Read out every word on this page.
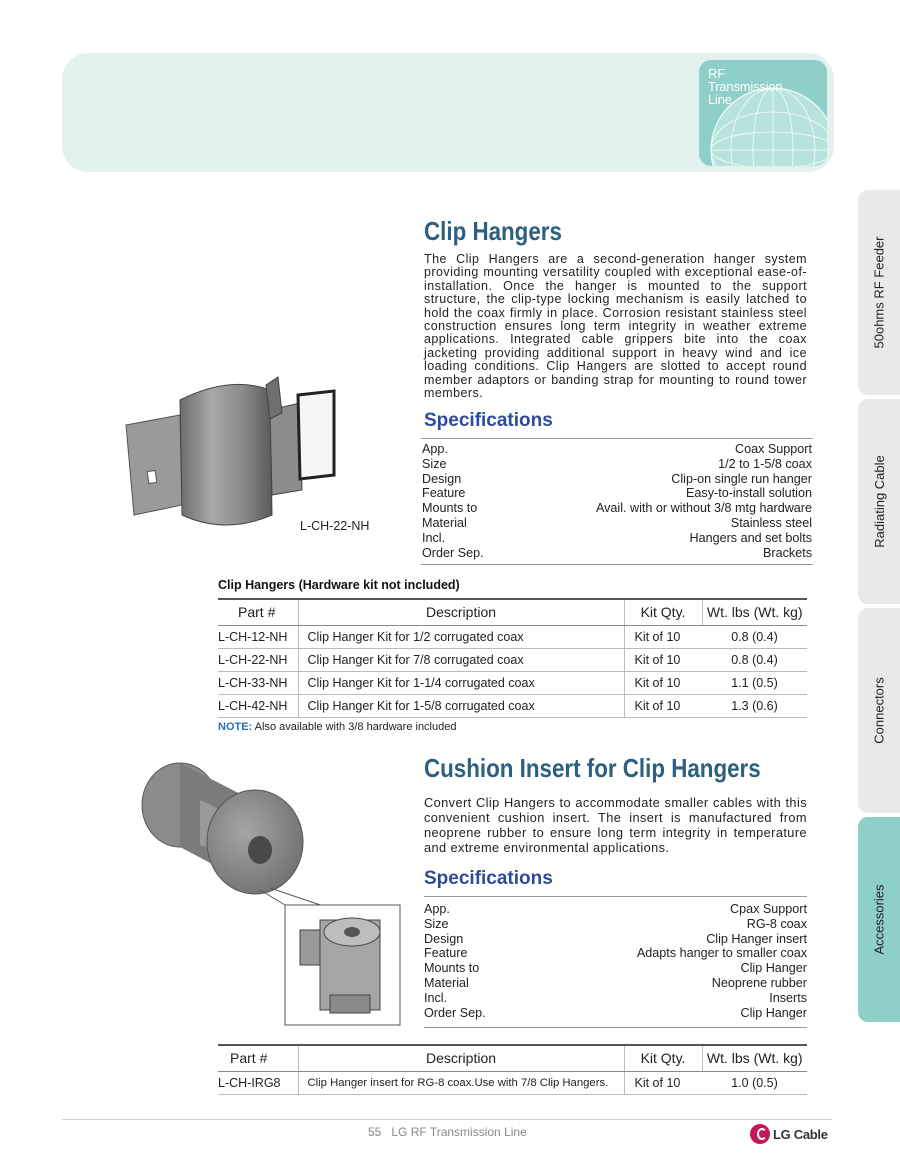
RF
Transmission
Line
50ohms RF Feeder
Radiating Cable
Connectors
Accessories
L-CH-22-NH
Clip Hangers
The Clip Hangers are a second-generation hanger system providing mounting versatility coupled with exceptional ease-of-installation. Once the hanger is mounted to the support structure, the clip-type locking mechanism is easily latched to hold the coax firmly in place. Corrosion resistant stainless steel construction ensures long term integrity in weather extreme applications. Integrated cable grippers bite into the coax jacketing providing additional support in heavy wind and ice loading conditions. Clip Hangers are slotted to accept round member adaptors or banding strap for mounting to round tower members.
Specifications
App.	Coax Support
Size	1/2 to 1-5/8 coax
Design	Clip-on single run hanger
Feature	Easy-to-install solution
Mounts to	Avail. with or without 3/8 mtg hardware
Material	Stainless steel
Incl.	Hangers and set bolts
Order Sep.	Brackets
Clip Hangers (Hardware kit not included)
Part #	Description	Kit Qty.	Wt. lbs (Wt. kg)
L-CH-12-NH	Clip Hanger Kit for 1/2 corrugated coax	Kit of 10	0.8 (0.4)
L-CH-22-NH	Clip Hanger Kit for 7/8 corrugated coax	Kit of 10	0.8 (0.4)
L-CH-33-NH	Clip Hanger Kit for 1-1/4 corrugated coax	Kit of 10	1.1 (0.5)
L-CH-42-NH	Clip Hanger Kit for 1-5/8 corrugated coax	Kit of 10	1.3 (0.6)
NOTE: Also available with 3/8 hardware included
Cushion Insert for Clip Hangers
Convert Clip Hangers to accommodate smaller cables with this convenient cushion insert. The insert is manufactured from neoprene rubber to ensure long term integrity in temperature and extreme environmental applications.
Specifications
App.	Cpax Support
Size	RG-8 coax
Design	Clip Hanger insert
Feature	Adapts hanger to smaller coax
Mounts to	Clip Hanger
Material	Neoprene rubber
Incl.	Inserts
Order Sep.	Clip Hanger
Part #	Description	Kit Qty.	Wt. lbs (Wt. kg)
L-CH-IRG8	Clip Hanger insert for RG-8 coax.Use with 7/8 Clip Hangers.	Kit of 10	1.0 (0.5)
55 LG RF Transmission Line	LG Cable
